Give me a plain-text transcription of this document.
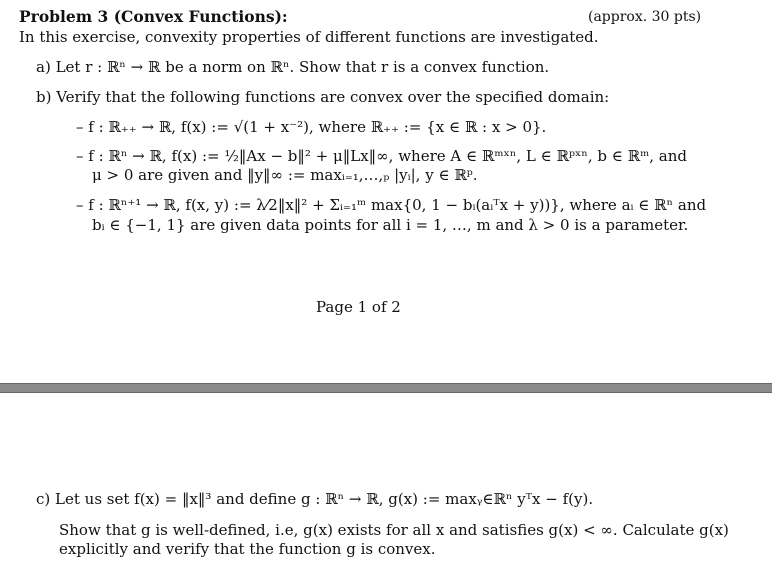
Problem 3 (Convex Functions):	(approx. 30 pts)
In this exercise, convexity properties of different functions are investigated.
a) Let r : ℝⁿ → ℝ be a norm on ℝⁿ. Show that r is a convex function.
b) Verify that the following functions are convex over the specified domain:
– f : ℝ₊₊ → ℝ, f(x) := √(1 + x⁻²), where ℝ₊₊ := {x ∈ ℝ : x > 0}.
– f : ℝⁿ → ℝ, f(x) := ½‖Ax − b‖² + μ‖Lx‖∞, where A ∈ ℝᵐˣⁿ, L ∈ ℝᵖˣⁿ, b ∈ ℝᵐ, and
μ > 0 are given and ‖y‖∞ := maxᵢ₌₁,…,ₚ |yᵢ|, y ∈ ℝᵖ.
– f : ℝⁿ⁺¹ → ℝ, f(x, y) := λ⁄2‖x‖² + Σᵢ₌₁ᵐ max{0, 1 − bᵢ(aᵢᵀx + y))}, where aᵢ ∈ ℝⁿ and
bᵢ ∈ {−1, 1} are given data points for all i = 1, …, m and λ > 0 is a parameter.
Page 1 of 2
c) Let us set f(x) = ‖x‖³ and define g : ℝⁿ → ℝ, g(x) := maxᵧ∈ℝⁿ yᵀx − f(y).
Show that g is well-defined, i.e, g(x) exists for all x and satisfies g(x) < ∞. Calculate g(x)
explicitly and verify that the function g is convex.
